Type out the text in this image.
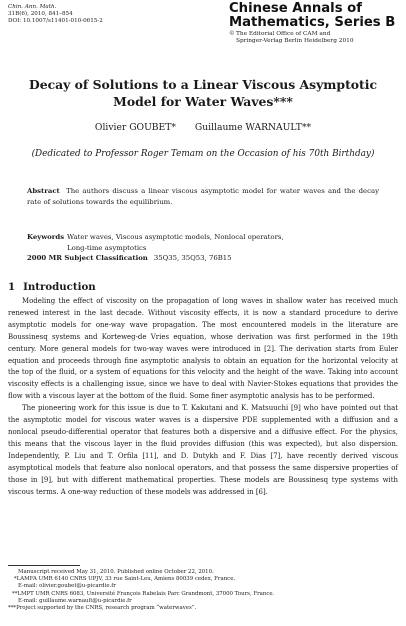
Chin. Ann. Math.
31B(6), 2010, 841–854
DOI: 10.1007/s11401-010-0615-2
Chinese Annals of
Mathematics, Series B
©The Editorial Office of CAM and
Springer-Verlag Berlin Heidelberg 2010
Decay of Solutions to a Linear Viscous Asymptotic
Model for Water Waves***
Olivier GOUBET* Guillaume WARNAULT**
(Dedicated to Professor Roger Temam on the Occasion of his 70th Birthday)
Abstract The authors discuss a linear viscous asymptotic model for water waves and the decay rate of solutions towards the equilibrium.
Keywords Water waves, Viscous asymptotic models, Nonlocal operators,
Long-time asymptotics
2000 MR Subject Classification 35Q35, 35Q53, 76B15
1 Introduction

Modeling the effect of viscosity on the propagation of long waves in shallow water has received much renewed interest in the last decade. Without viscosity effects, it is now a standard procedure to derive asymptotic models for one-way wave propagation. The most encountered models in the literature are Boussinesq systems and Korteweg-de Vries equation, whose derivation was first performed in the 19th century. More general models for two-way waves were introduced in [2]. The derivation starts from Euler equation and proceeds through fine asymptotic analysis to obtain an equation for the horizontal velocity at the top of the fluid, or a system of equations for this velocity and the height of the wave. Taking into account viscosity effects is a challenging issue, since we have to deal with Navier-Stokes equations that provides the flow with a viscous layer at the bottom of the fluid. Some finer asymptotic analysis has to be performed.

The pioneering work for this issue is due to T. Kakutani and K. Matsuuchi [9] who have pointed out that the asymptotic model for viscous water waves is a dispersive PDE supplemented with a diffusion and a nonlocal pseudo-differential operator that features both a dispersive and a diffusive effect. For the physics, this means that the viscous layer in the fluid provides diffusion (this was expected), but also dispersion. Independently, P. Liu and T. Orfila [11], and D. Dutykh and F. Dias [7], have recently derived viscous asymptotical models that feature also nonlocal operators, and that possess the same dispersive properties of those in [9], but with different mathematical properties. These models are Boussinesq type systems with viscous terms. A one-way reduction of these models was addressed in [6].

Manuscript received May 31, 2010. Published online October 22, 2010.
*LAMFA UMR 6140 CNRS UPJV, 33 rue Saint-Leu, Amiens 80039 cedex, France.
E-mail: olivier.goubet@u-picardie.fr
**LMPT UMR CNRS 6083, Université François Rabelais Parc Grandmont, 37000 Tours, France.
E-mail: guillaume.warnault@u-picardie.fr
***Project supported by the CNRS, research program “waterwaves”.
